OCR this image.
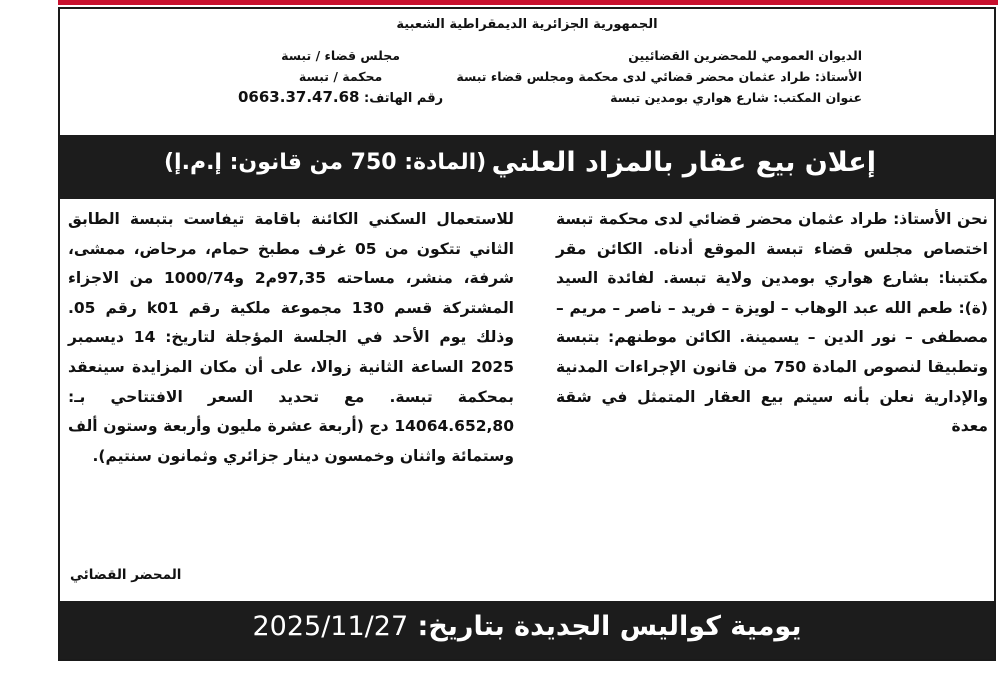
الجمهورية الجزائرية الديمقراطية الشعبية
الديوان العمومي للمحضرين القضائيين
الأستاذ: طراد عثمان محضر قضائي لدى محكمة ومجلس قضاء تبسة
عنوان المكتب: شارع هواري بومدين تبسة
مجلس قضاء / تبسة
محكمة / تبسة
رقم الهاتف: 0663.37.47.68
إعلان بيع عقار بالمزاد العلني
(المادة: 750 من قانون: إ.م.إ)
نحن الأستاذ: طراد عثمان محضر قضائي لدى محكمة تبسة اختصاص مجلس قضاء تبسة الموقع أدناه. الكائن مقر مكتبنا: بشارع هواري بومدين ولاية تبسة. لفائدة السيد (ة): طعم الله عبد الوهاب – لويزة – فريد – ناصر – مريم – مصطفى – نور الدين – يسمينة. الكائن موطنهم: بتبسة وتطبيقا لنصوص المادة 750 من قانون الإجراءات المدنية والإدارية نعلن بأنه سيتم بيع العقار المتمثل في شقة معدة
للاستعمال السكني الكائنة باقامة تيفاست بتبسة الطابق الثاني تتكون من 05 غرف مطبخ حمام، مرحاض، ممشى، شرفة، منشر، مساحته 97,35م2 و1000/74 من الاجزاء المشتركة قسم 130 مجموعة ملكية رقم k01 رقم 05. وذلك يوم الأحد في الجلسة المؤجلة لتاريخ: 14 ديسمبر 2025 الساعة الثانية زوالا، على أن مكان المزايدة سينعقد بمحكمة تبسة. مع تحديد السعر الافتتاحي بـ: 14064.652,80 دج (أربعة عشرة مليون وأربعة وستون ألف وستمائة واثنان وخمسون دينار جزائري وثمانون سنتيم).
المحضر القضائي
يومية كواليس الجديدة بتاريخ: 2025/11/27
